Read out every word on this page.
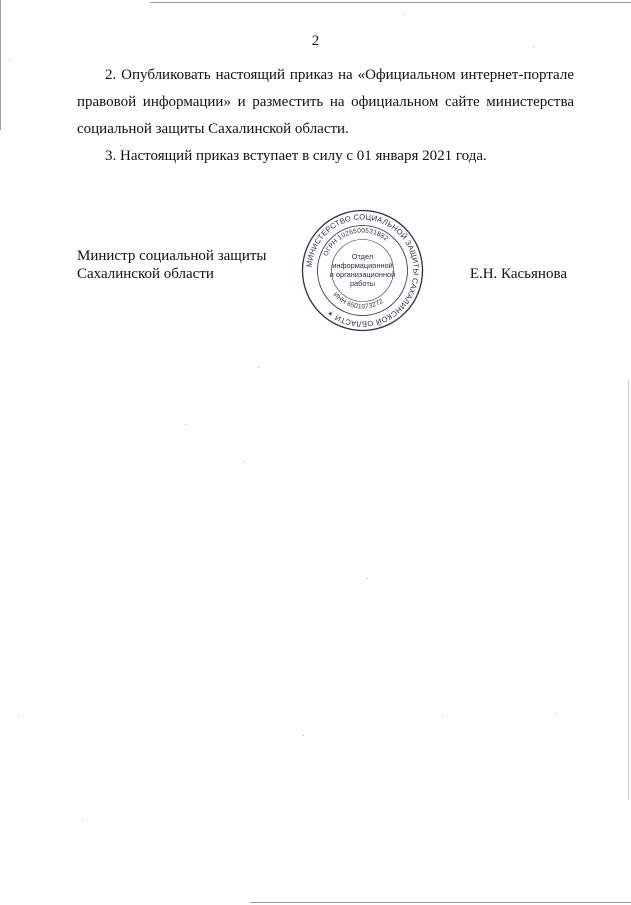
2

2. Опубликовать настоящий приказ на «Официальном интернет-портале правовой информации» и разместить на официальном сайте министерства социальной защиты Сахалинской области.

3. Настоящий приказ вступает в силу с 01 января 2021 года.

Министр социальной защиты
Сахалинской области	Е.Н. Касьянова
МИНИСТЕРСТВО СОЦИАЛЬНОЙ ЗАЩИТЫ САХАЛИНСКОЙ ОБЛАСТИ ✶
ОГРН 1026500531882
ИНН 6501073272
Отдел
информационной
и организационной
работы
